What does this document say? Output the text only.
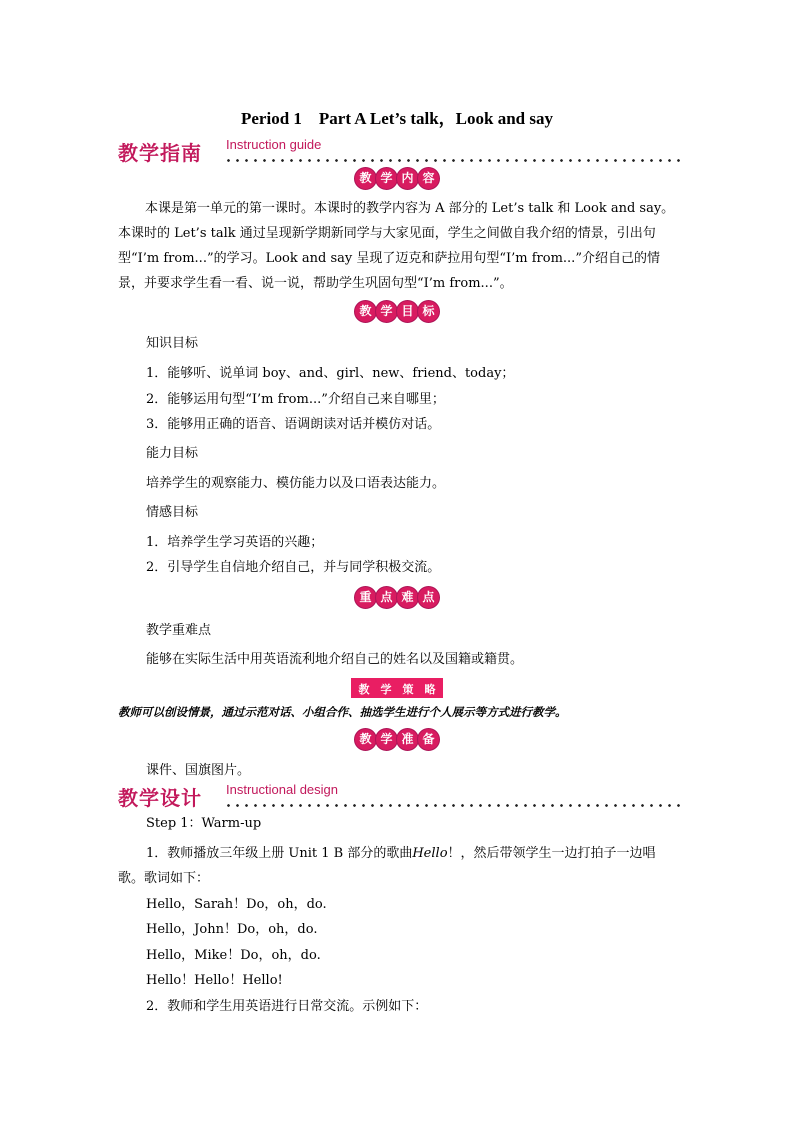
Period 1　Part A Let’s talk，Look and say
教学指南 Instruction guide
教 学 内 容
本课是第一单元的第一课时。本课时的教学内容为 A 部分的 Let’s talk 和 Look and say。本课时的 Let’s talk 通过呈现新学期新同学与大家见面，学生之间做自我介绍的情景，引出句型“I’m from...”的学习。Look and say 呈现了迈克和萨拉用句型“I’m from...”介绍自己的情景，并要求学生看一看、说一说，帮助学生巩固句型“I’m from...”。
教 学 目 标
知识目标
1．能够听、说单词 boy、and、girl、new、friend、today；
2．能够运用句型“I’m from...”介绍自己来自哪里；
3．能够用正确的语音、语调朗读对话并模仿对话。
能力目标
培养学生的观察能力、模仿能力以及口语表达能力。
情感目标
1．培养学生学习英语的兴趣；
2．引导学生自信地介绍自己，并与同学积极交流。
重 点 难 点
教学重难点
能够在实际生活中用英语流利地介绍自己的姓名以及国籍或籍贯。
教 学 策 略
教师可以创设情景，通过示范对话、小组合作、抽选学生进行个人展示等方式进行教学。
教 学 准 备
课件、国旗图片。
教学设计 Instructional design
Step 1：Warm-up
1．教师播放三年级上册 Unit 1 B 部分的歌曲Hello！，然后带领学生一边打拍子一边唱
歌。歌词如下：
Hello，Sarah！Do，oh，do.
Hello，John！Do，oh，do.
Hello，Mike！Do，oh，do.
Hello！Hello！Hello!
2．教师和学生用英语进行日常交流。示例如下：
